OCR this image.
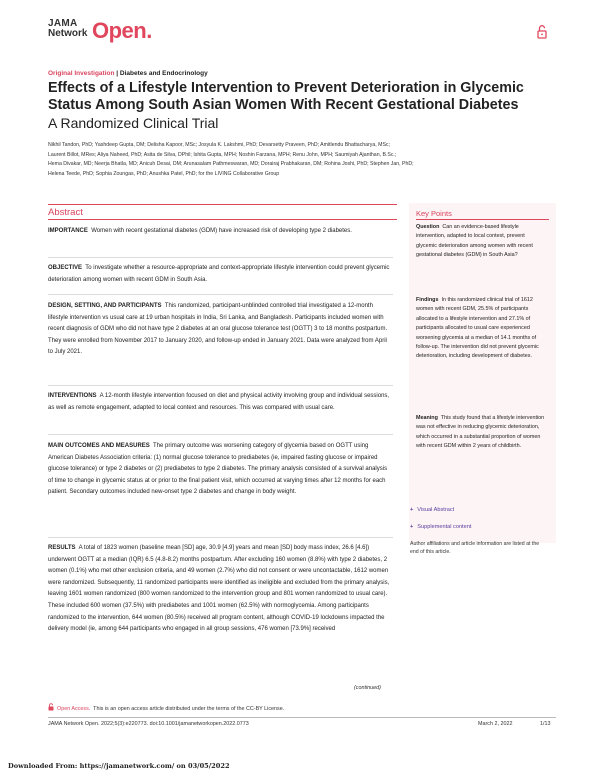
JAMA
Network Open.
Original Investigation | Diabetes and Endocrinology
Effects of a Lifestyle Intervention to Prevent Deterioration in Glycemic Status Among South Asian Women With Recent Gestational Diabetes
A Randomized Clinical Trial
Nikhil Tandon, PhD; Yashdeep Gupta, DM; Delisha Kapoor, MSc; Josyula K. Lakshmi, PhD; Devarsetty Praveen, PhD; Amitlendu Bhattacharya, MSc;
Laurent Billot, MRes; Aliya Naheed, PhD; Asita de Silva, DPhil; Ishita Gupta, MPH; Noshin Farzana, MPH; Renu John, MPH; Saumiyah Ajanthan, B.Sc.;
Hema Divakar, MD; Neerja Bhatla, MD; Anicuh Desai, DM; Arunasalam Pathmeswaran, MD; Dorairaj Prabhakaran, DM; Rohina Joshi, PhD; Stephen Jan, PhD;
Helena Teede, PhD; Sophia Zoungas, PhD; Anushka Patel, PhD; for the LIVING Collaborative Group
Abstract
IMPORTANCE Women with recent gestational diabetes (GDM) have increased risk of developing type 2 diabetes.
OBJECTIVE To investigate whether a resource-appropriate and context-appropriate lifestyle intervention could prevent glycemic deterioration among women with recent GDM in South Asia.
DESIGN, SETTING, AND PARTICIPANTS This randomized, participant-unblinded controlled trial investigated a 12-month lifestyle intervention vs usual care at 19 urban hospitals in India, Sri Lanka, and Bangladesh. Participants included women with recent diagnosis of GDM who did not have type 2 diabetes at an oral glucose tolerance test (OGTT) 3 to 18 months postpartum. They were enrolled from November 2017 to January 2020, and follow-up ended in January 2021. Data were analyzed from April to July 2021.
INTERVENTIONS A 12-month lifestyle intervention focused on diet and physical activity involving group and individual sessions, as well as remote engagement, adapted to local context and resources. This was compared with usual care.
MAIN OUTCOMES AND MEASURES The primary outcome was worsening category of glycemia based on OGTT using American Diabetes Association criteria: (1) normal glucose tolerance to prediabetes (ie, impaired fasting glucose or impaired glucose tolerance) or type 2 diabetes or (2) prediabetes to type 2 diabetes. The primary analysis consisted of a survival analysis of time to change in glycemic status at or prior to the final patient visit, which occurred at varying times after 12 months for each patient. Secondary outcomes included new-onset type 2 diabetes and change in body weight.
RESULTS A total of 1823 women (baseline mean [SD] age, 30.9 [4.9] years and mean [SD] body mass index, 26.6 [4.6]) underwent OGTT at a median (IQR) 6.5 (4.8-8.2) months postpartum. After excluding 160 women (8.8%) with type 2 diabetes, 2 women (0.1%) who met other exclusion criteria, and 49 women (2.7%) who did not consent or were uncontactable, 1612 women were randomized. Subsequently, 11 randomized participants were identified as ineligible and excluded from the primary analysis, leaving 1601 women randomized (800 women randomized to the intervention group and 801 women randomized to usual care). These included 600 women (37.5%) with prediabetes and 1001 women (62.5%) with normoglycemia. Among participants randomized to the intervention, 644 women (80.5%) received all program content, although COVID-19 lockdowns impacted the delivery model (ie, among 644 participants who engaged in all group sessions, 476 women [73.9%] received
(continued)
Key Points
Question Can an evidence-based lifestyle intervention, adapted to local context, prevent glycemic deterioration among women with recent gestational diabetes (GDM) in South Asia?
Findings In this randomized clinical trial of 1612 women with recent GDM, 25.5% of participants allocated to a lifestyle intervention and 27.1% of participants allocated to usual care experienced worsening glycemia at a median of 14.1 months of follow-up. The intervention did not prevent glycemic deterioration, including development of diabetes.
Meaning This study found that a lifestyle intervention was not effective in reducing glycemic deterioration, which occurred in a substantial proportion of women with recent GDM within 2 years of childbirth.
+ Visual Abstract
+ Supplemental content
Author affiliations and article information are listed at the end of this article.
Open Access. This is an open access article distributed under the terms of the CC-BY License.
JAMA Network Open. 2022;5(3):e220773. doi:10.1001/jamanetworkopen.2022.0773	March 2, 2022	1/13
Downloaded From: https://jamanetwork.com/ on 03/05/2022
